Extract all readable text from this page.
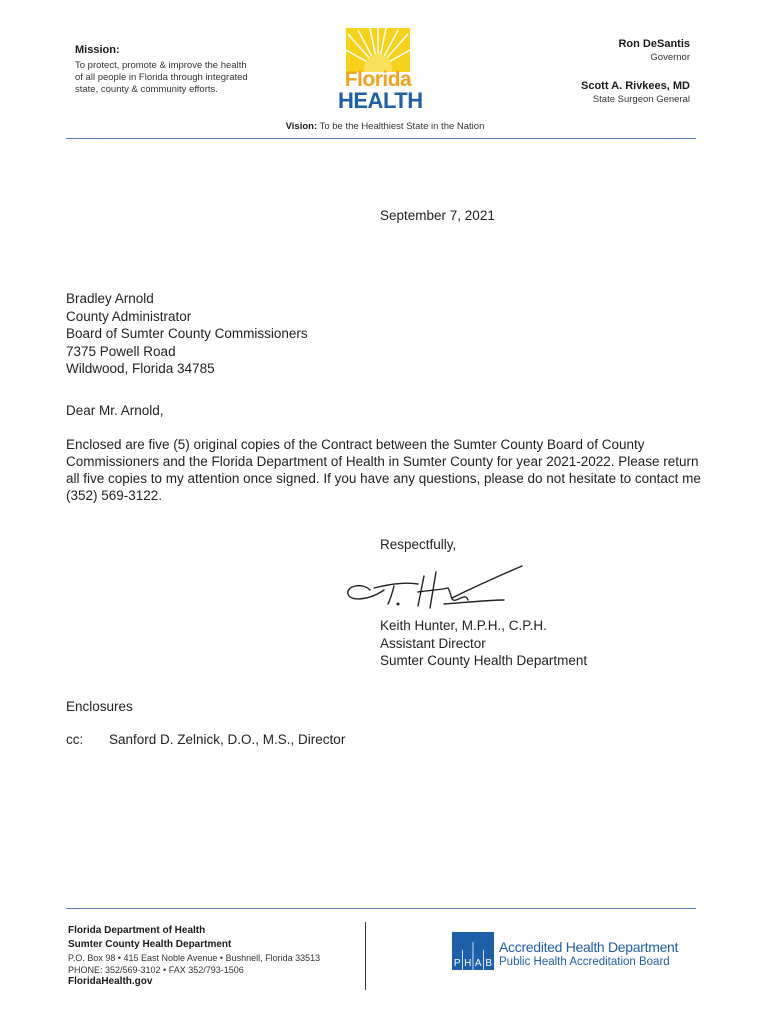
Mission:
To protect, promote & improve the health of all people in Florida through integrated state, county & community efforts.	Florida
HEALTH
Ron DeSantis
Governor
Scott A. Rivkees, MD
State Surgeon General
Vision: To be the Healthiest State in the Nation
September 7, 2021
Bradley Arnold
County Administrator
Board of Sumter County Commissioners
7375 Powell Road
Wildwood, Florida 34785
Dear Mr. Arnold,
Enclosed are five (5) original copies of the Contract between the Sumter County Board of County Commissioners and the Florida Department of Health in Sumter County for year 2021-2022. Please return all five copies to my attention once signed. If you have any questions, please do not hesitate to contact me (352) 569-3122.
Respectfully,
Keith Hunter, M.P.H., C.P.H.
Assistant Director
Sumter County Health Department
Enclosures
cc: Sanford D. Zelnick, D.O., M.S., Director
Florida Department of Health
Sumter County Health Department
P.O. Box 98 • 415 East Noble Avenue • Bushnell, Florida 33513
PHONE: 352/569-3102 • FAX 352/793-1506
FloridaHealth.gov
P H A B
Accredited Health Department
Public Health Accreditation Board
